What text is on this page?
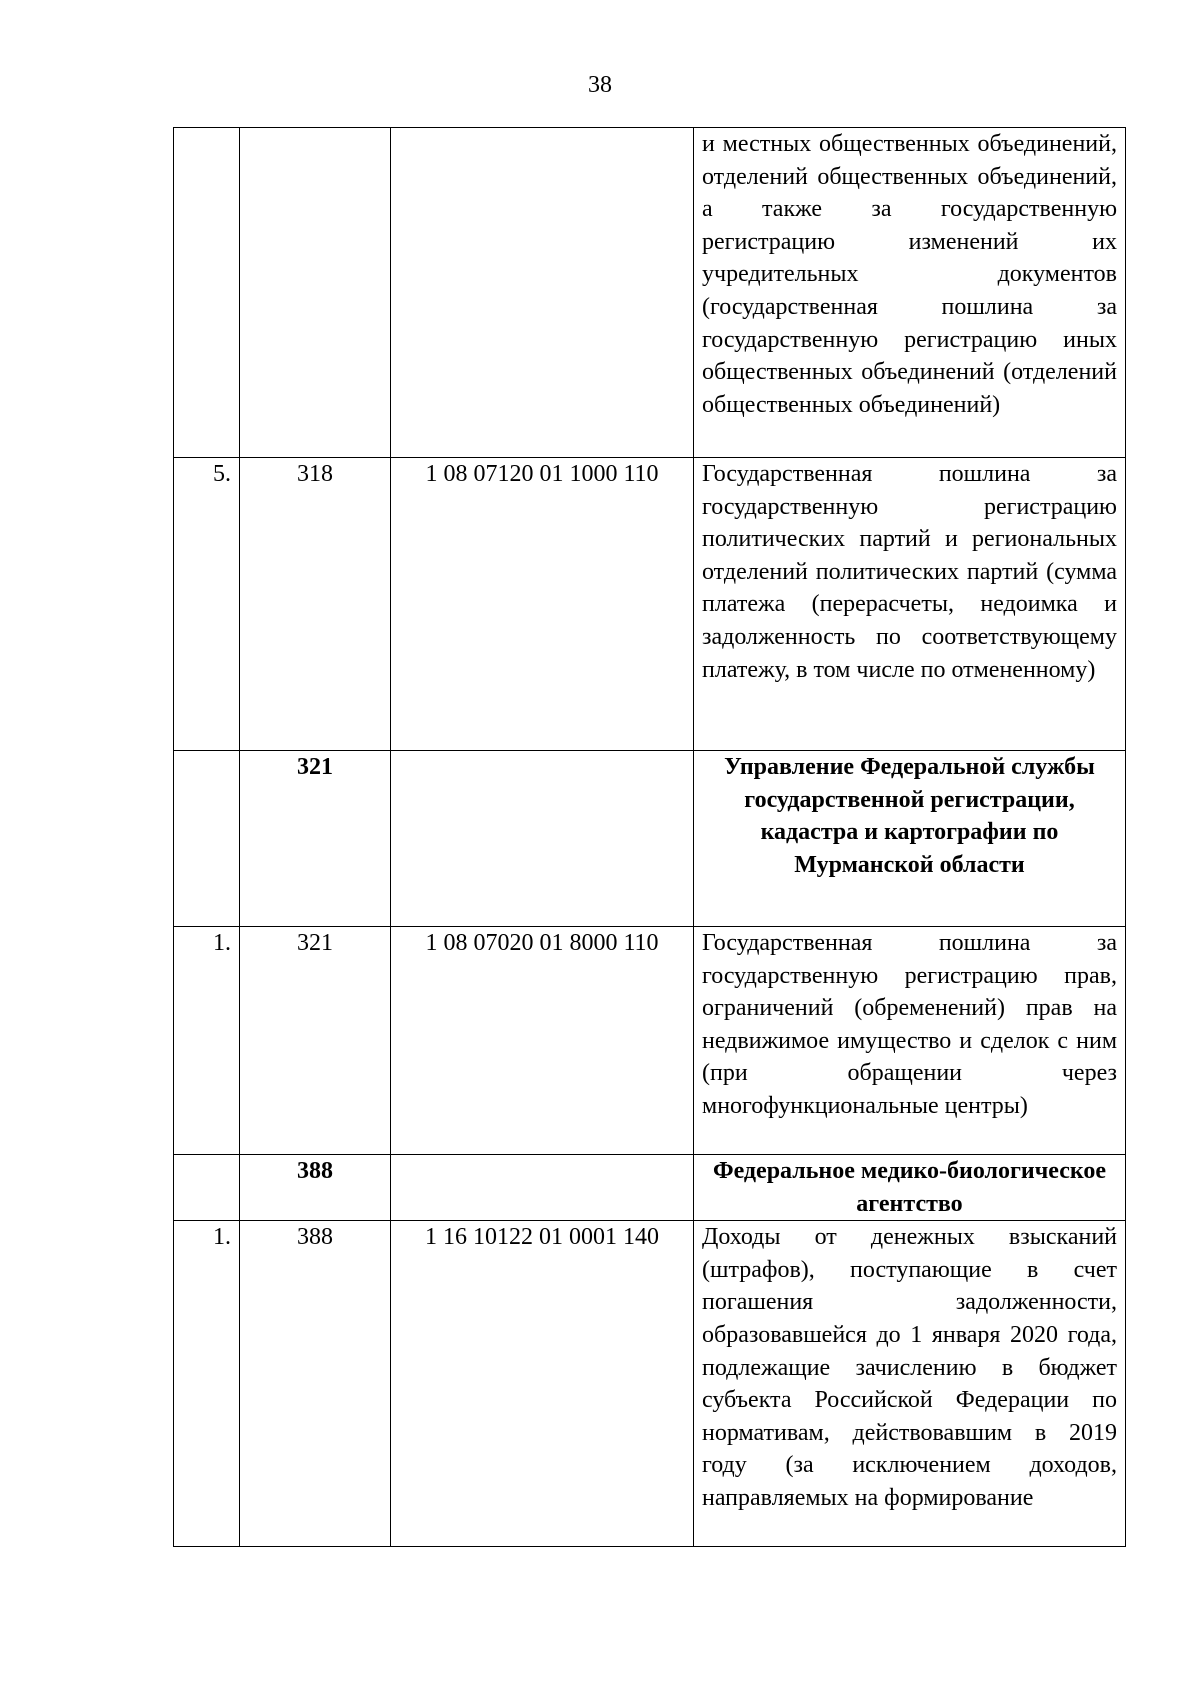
38
			и местных общественных объединений, отделений общественных объединений, а также за государственную регистрацию изменений их учредительных документов (государственная пошлина за государственную регистрацию иных общественных объединений (отделений общественных объединений)
5.	318	1 08 07120 01 1000 110	Государственная пошлина за государственную регистрацию политических партий и региональных отделений политических партий (сумма платежа (перерасчеты, недоимка и задолженность по соответствующему платежу, в том числе по отмененному)
	321		Управление Федеральной службы государственной регистрации, кадастра и картографии по Мурманской области
1.	321	1 08 07020 01 8000 110	Государственная пошлина за государственную регистрацию прав, ограничений (обременений) прав на недвижимое имущество и сделок с ним (при обращении через многофункциональные центры)
	388		Федеральное медико-биологическое агентство
1.	388	1 16 10122 01 0001 140	Доходы от денежных взысканий (штрафов), поступающие в счет погашения задолженности, образовавшейся до 1 января 2020 года, подлежащие зачислению в бюджет субъекта Российской Федерации по нормативам, действовавшим в 2019 году (за исключением доходов, направляемых на формирование
